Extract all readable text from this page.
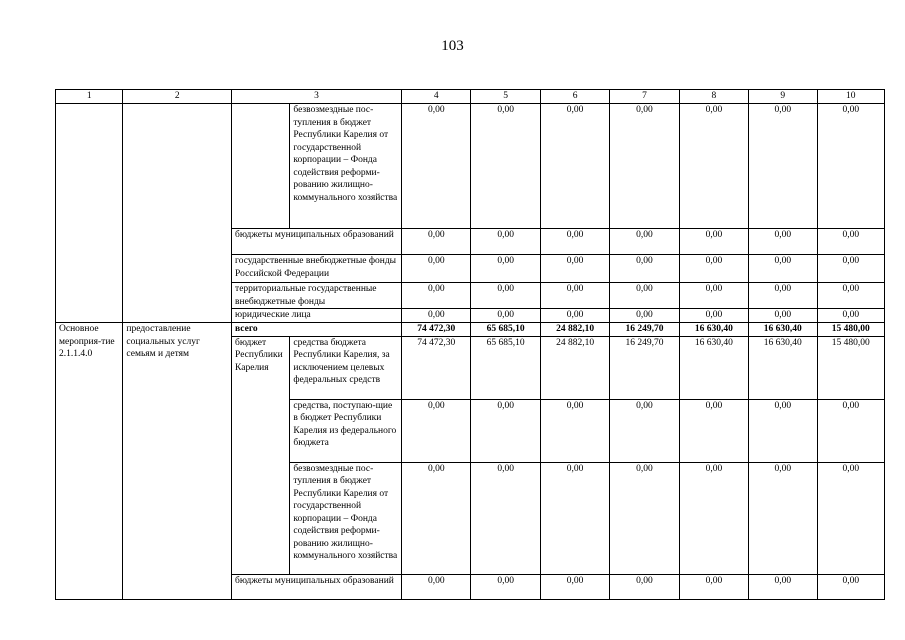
103
1	2	3		4	5	6	7	8	9	10
			безвозмездные пос-тупления в бюджет Республики Карелия от государственной корпорации – Фонда содействия реформи-рованию жилищно-коммунального хозяйства	0,00	0,00	0,00	0,00	0,00	0,00	0,00
		бюджеты муниципальных образований		0,00	0,00	0,00	0,00	0,00	0,00	0,00
		государственные внебюджетные фонды Российской Федерации		0,00	0,00	0,00	0,00	0,00	0,00	0,00
		территориальные государственные внебюджетные фонды		0,00	0,00	0,00	0,00	0,00	0,00	0,00
		юридические лица		0,00	0,00	0,00	0,00	0,00	0,00	0,00
Основное мероприя-тие 2.1.1.4.0	предоставление социальных услуг семьям и детям	всего		74 472,30	65 685,10	24 882,10	16 249,70	16 630,40	16 630,40	15 480,00
		бюджет Республики Карелия	средства бюджета Республики Карелия, за исключением целевых федеральных средств	74 472,30	65 685,10	24 882,10	16 249,70	16 630,40	16 630,40	15 480,00
			средства, поступаю-щие в бюджет Республики Карелия из федерального бюджета	0,00	0,00	0,00	0,00	0,00	0,00	0,00
			безвозмездные пос-тупления в бюджет Республики Карелия от государственной корпорации – Фонда содействия реформи-рованию жилищно-коммунального хозяйства	0,00	0,00	0,00	0,00	0,00	0,00	0,00
		бюджеты муниципальных образований		0,00	0,00	0,00	0,00	0,00	0,00	0,00
